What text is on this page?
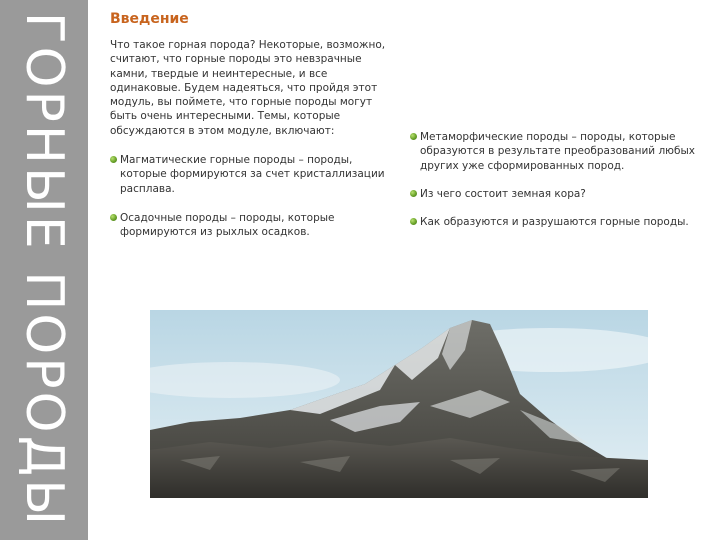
ГОРНЫЕ ПОРОДЫ	Введение

Что такое горная порода? Некоторые, возможно, считают, что горные породы это невзрачные камни, твердые и неинтересные, и все одинаковые. Будем надеяться, что пройдя этот модуль, вы поймете, что горные породы могут быть очень интересными. Темы, которые обсуждаются в этом модуле, включают:

Магматические горные породы – породы, которые формируются за счет кристаллизации расплава.
Осадочные породы – породы, которые формируются из рыхлых осадков.
Метаморфические породы – породы, которые образуются в результате преобразований любых других уже сформированных пород.
Из чего состоит земная кора?
Как образуются и разрушаются горные породы.
